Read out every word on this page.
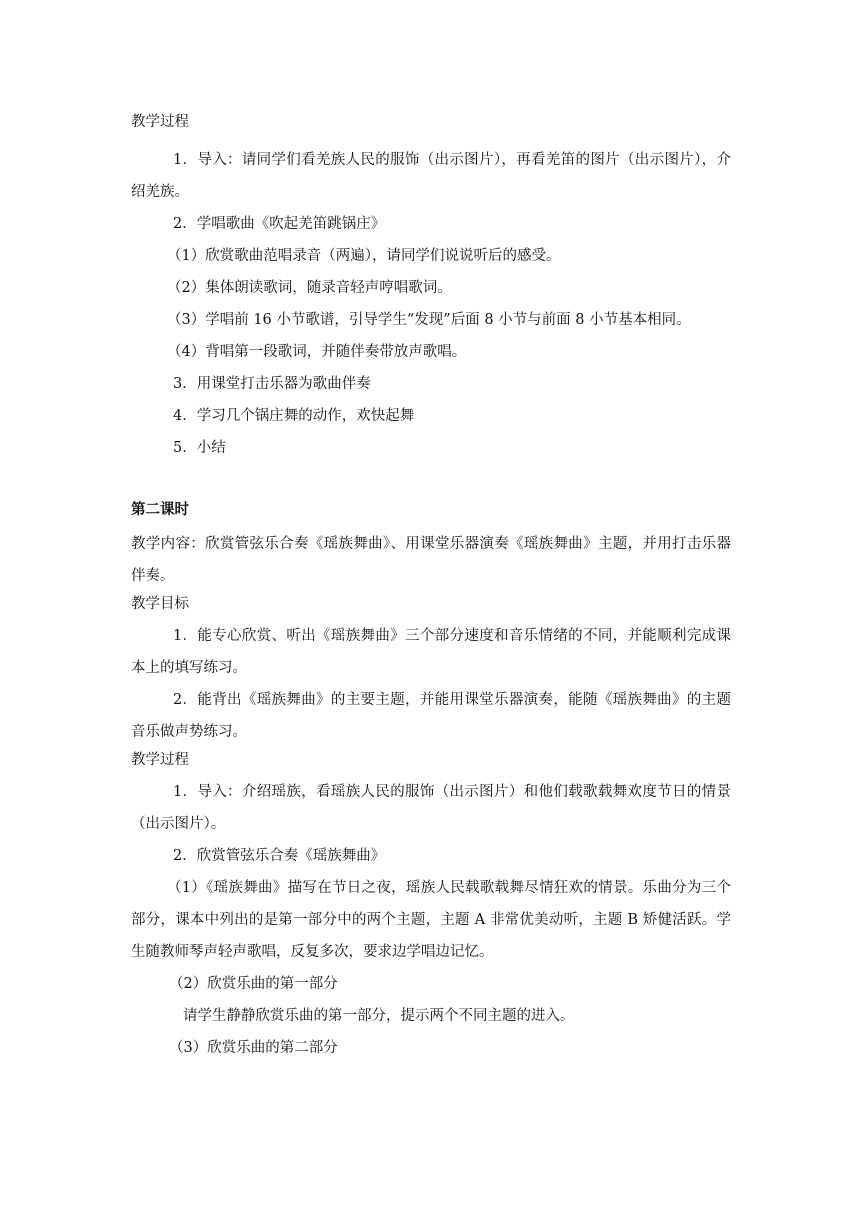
教学过程

1．导入：请同学们看羌族人民的服饰（出示图片），再看羌笛的图片（出示图片），介绍羌族。

2．学唱歌曲《吹起羌笛跳锅庄》

（1）欣赏歌曲范唱录音（两遍），请同学们说说听后的感受。

（2）集体朗读歌词，随录音轻声哼唱歌词。

（3）学唱前 16 小节歌谱，引导学生“发现”后面 8 小节与前面 8 小节基本相同。

（4）背唱第一段歌词，并随伴奏带放声歌唱。

3．用课堂打击乐器为歌曲伴奏

4．学习几个锅庄舞的动作，欢快起舞

5．小结

第二课时

教学内容：欣赏管弦乐合奏《瑶族舞曲》、用课堂乐器演奏《瑶族舞曲》主题，并用打击乐器伴奏。

教学目标

1．能专心欣赏、听出《瑶族舞曲》三个部分速度和音乐情绪的不同，并能顺利完成课本上的填写练习。

2．能背出《瑶族舞曲》的主要主题，并能用课堂乐器演奏，能随《瑶族舞曲》的主题音乐做声势练习。

教学过程

1．导入：介绍瑶族，看瑶族人民的服饰（出示图片）和他们载歌载舞欢度节日的情景（出示图片）。

2．欣赏管弦乐合奏《瑶族舞曲》

（1）《瑶族舞曲》描写在节日之夜，瑶族人民载歌载舞尽情狂欢的情景。乐曲分为三个部分，课本中列出的是第一部分中的两个主题，主题 A 非常优美动听，主题 B 矫健活跃。学生随教师琴声轻声歌唱，反复多次，要求边学唱边记忆。

（2）欣赏乐曲的第一部分

请学生静静欣赏乐曲的第一部分，提示两个不同主题的进入。

（3）欣赏乐曲的第二部分
